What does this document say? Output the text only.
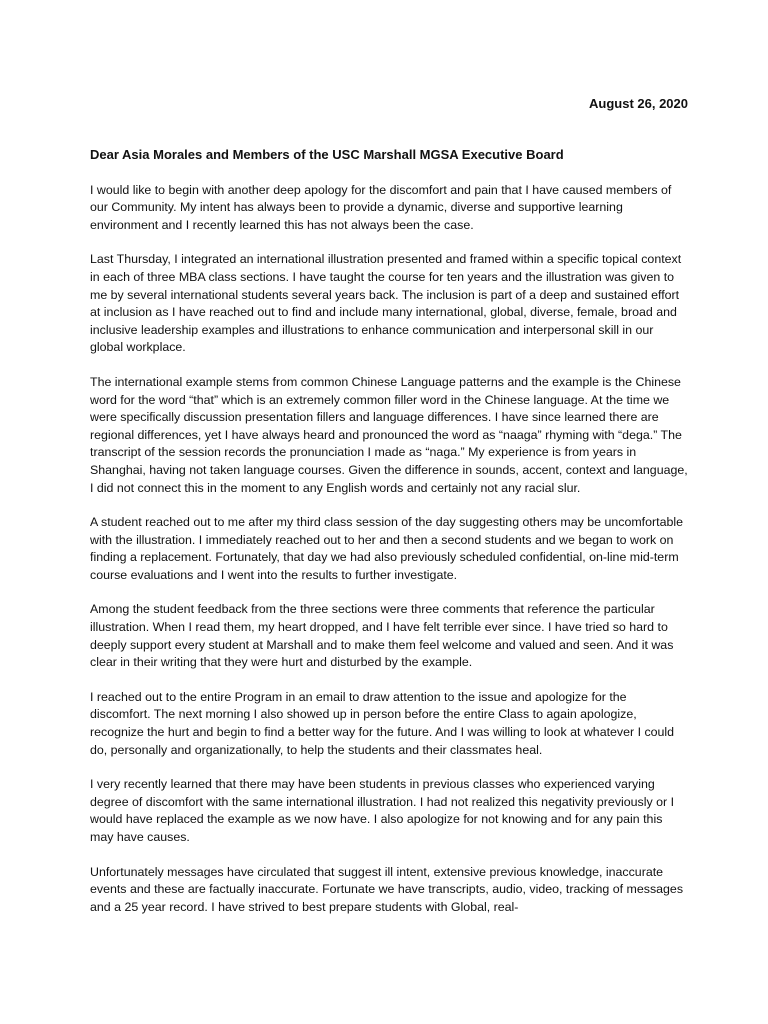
August 26, 2020

Dear Asia Morales and Members of the USC Marshall MGSA Executive Board

I would like to begin with another deep apology for the discomfort and pain that I have caused members of our Community. My intent has always been to provide a dynamic, diverse and supportive learning environment and I recently learned this has not always been the case.

Last Thursday, I integrated an international illustration presented and framed within a specific topical context in each of three MBA class sections. I have taught the course for ten years and the illustration was given to me by several international students several years back. The inclusion is part of a deep and sustained effort at inclusion as I have reached out to find and include many international, global, diverse, female, broad and inclusive leadership examples and illustrations to enhance communication and interpersonal skill in our global workplace.

The international example stems from common Chinese Language patterns and the example is the Chinese word for the word “that” which is an extremely common filler word in the Chinese language. At the time we were specifically discussion presentation fillers and language differences. I have since learned there are regional differences, yet I have always heard and pronounced the word as “naaga” rhyming with “dega.” The transcript of the session records the pronunciation I made as “naga.” My experience is from years in Shanghai, having not taken language courses. Given the difference in sounds, accent, context and language, I did not connect this in the moment to any English words and certainly not any racial slur.

A student reached out to me after my third class session of the day suggesting others may be uncomfortable with the illustration. I immediately reached out to her and then a second students and we began to work on finding a replacement. Fortunately, that day we had also previously scheduled confidential, on-line mid-term course evaluations and I went into the results to further investigate.

Among the student feedback from the three sections were three comments that reference the particular illustration. When I read them, my heart dropped, and I have felt terrible ever since. I have tried so hard to deeply support every student at Marshall and to make them feel welcome and valued and seen. And it was clear in their writing that they were hurt and disturbed by the example.

I reached out to the entire Program in an email to draw attention to the issue and apologize for the discomfort. The next morning I also showed up in person before the entire Class to again apologize, recognize the hurt and begin to find a better way for the future. And I was willing to look at whatever I could do, personally and organizationally, to help the students and their classmates heal.

I very recently learned that there may have been students in previous classes who experienced varying degree of discomfort with the same international illustration. I had not realized this negativity previously or I would have replaced the example as we now have. I also apologize for not knowing and for any pain this may have causes.

Unfortunately messages have circulated that suggest ill intent, extensive previous knowledge, inaccurate events and these are factually inaccurate. Fortunate we have transcripts, audio, video, tracking of messages and a 25 year record. I have strived to best prepare students with Global, real-
